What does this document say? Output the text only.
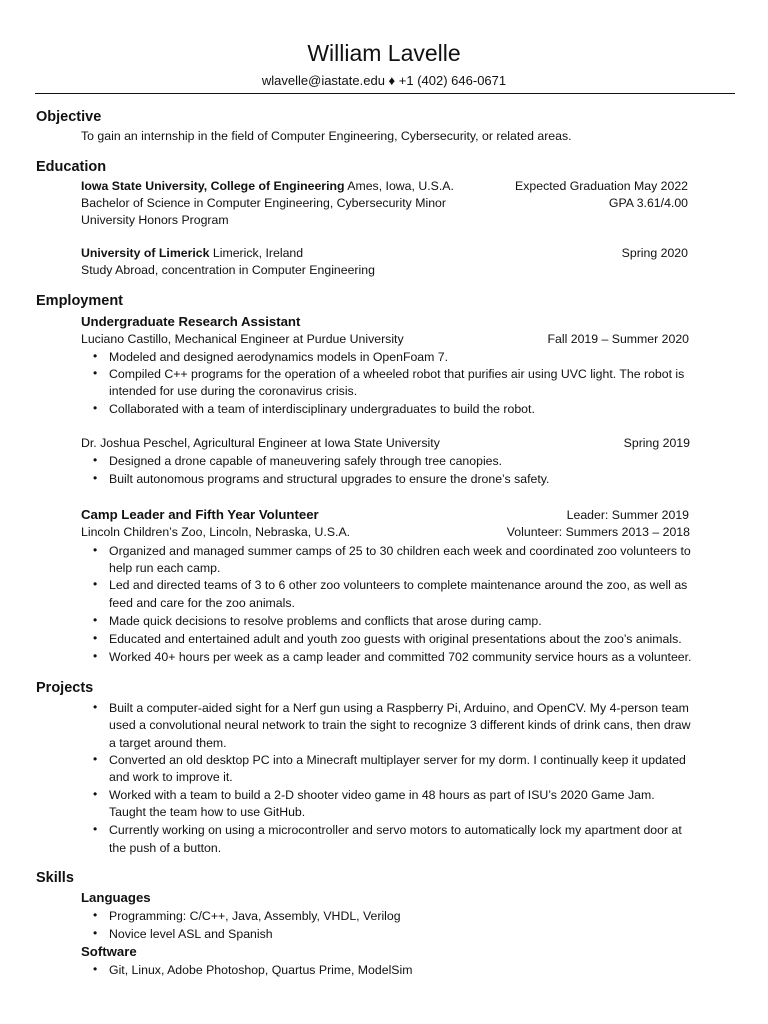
William Lavelle

wlavelle@iastate.edu ♦ +1 (402) 646-0671

Objective

To gain an internship in the field of Computer Engineering, Cybersecurity, or related areas.

Education

Iowa State University, College of Engineering Ames, Iowa, U.S.A.	Expected Graduation May 2022

Bachelor of Science in Computer Engineering, Cybersecurity Minor	GPA 3.61/4.00

University Honors Program

University of Limerick Limerick, Ireland	Spring 2020

Study Abroad, concentration in Computer Engineering

Employment
Undergraduate Research Assistant

Luciano Castillo, Mechanical Engineer at Purdue University	Fall 2019 – Summer 2020

• Modeled and designed aerodynamics models in OpenFoam 7.

• Compiled C++ programs for the operation of a wheeled robot that purifies air using UVC light. The robot is

intended for use during the coronavirus crisis.

• Collaborated with a team of interdisciplinary undergraduates to build the robot.

Dr. Joshua Peschel, Agricultural Engineer at Iowa State University	Spring 2019

• Designed a drone capable of maneuvering safely through tree canopies.

• Built autonomous programs and structural upgrades to ensure the drone’s safety.

Camp Leader and Fifth Year Volunteer	Leader: Summer 2019

Lincoln Children’s Zoo, Lincoln, Nebraska, U.S.A.	Volunteer: Summers 2013 – 2018

• Organized and managed summer camps of 25 to 30 children each week and coordinated zoo volunteers to

help run each camp.

• Led and directed teams of 3 to 6 other zoo volunteers to complete maintenance around the zoo, as well as

feed and care for the zoo animals.

• Made quick decisions to resolve problems and conflicts that arose during camp.

• Educated and entertained adult and youth zoo guests with original presentations about the zoo’s animals.

• Worked 40+ hours per week as a camp leader and committed 702 community service hours as a volunteer.

Projects
• Built a computer-aided sight for a Nerf gun using a Raspberry Pi, Arduino, and OpenCV. My 4-person team

used a convolutional neural network to train the sight to recognize 3 different kinds of drink cans, then draw

a target around them.

• Converted an old desktop PC into a Minecraft multiplayer server for my dorm. I continually keep it updated

and work to improve it.

• Worked with a team to build a 2-D shooter video game in 48 hours as part of ISU’s 2020 Game Jam.

Taught the team how to use GitHub.

• Currently working on using a microcontroller and servo motors to automatically lock my apartment door at

the push of a button.

Skills
Languages
• Programming: C/C++, Java, Assembly, VHDL, Verilog

• Novice level ASL and Spanish

Software
• Git, Linux, Adobe Photoshop, Quartus Prime, ModelSim
